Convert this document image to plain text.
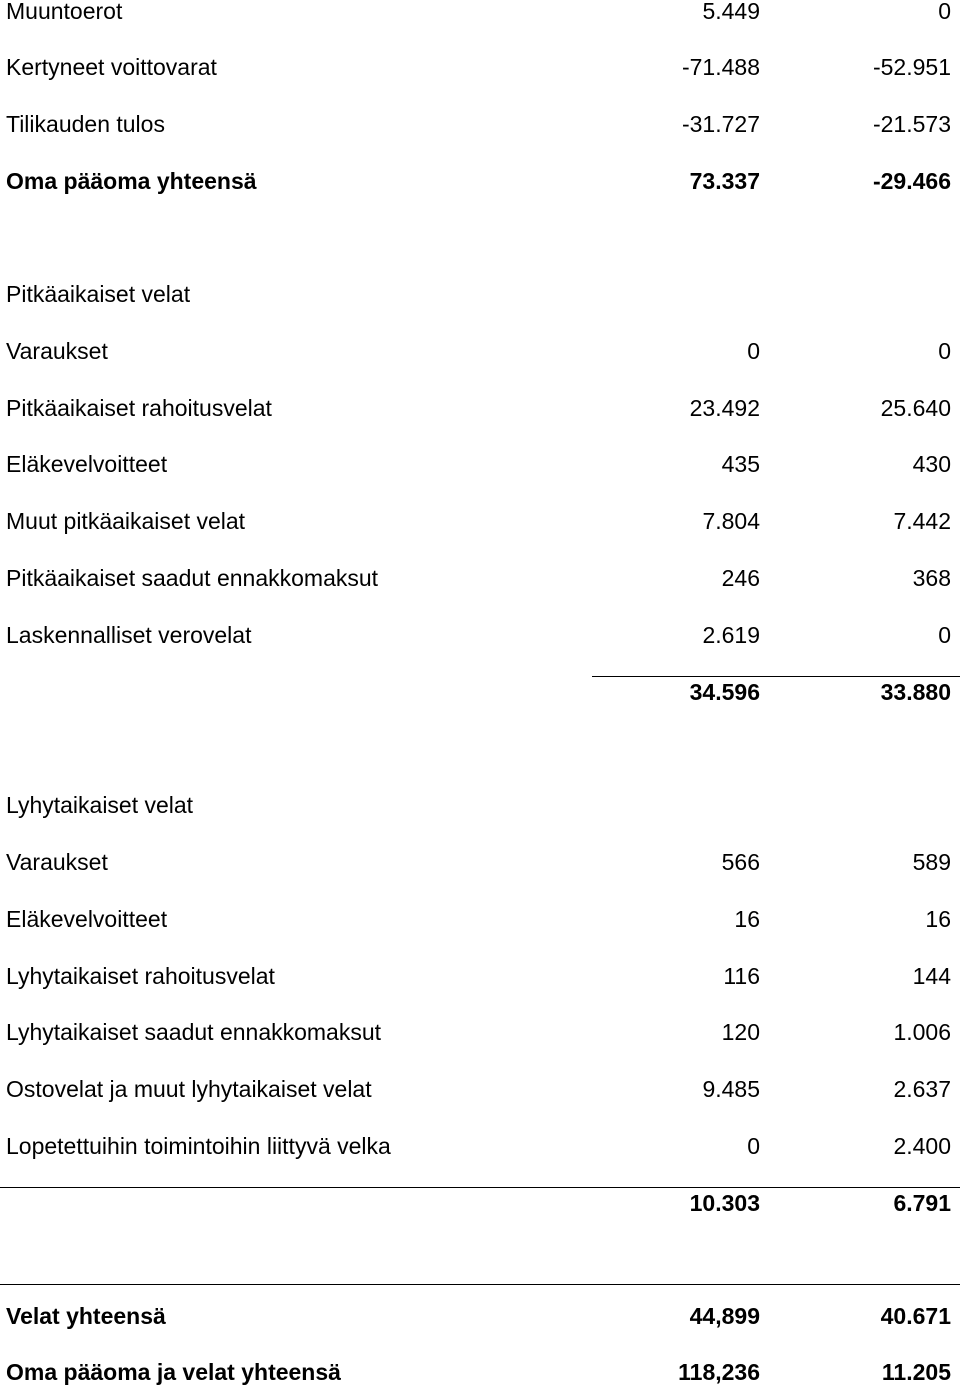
Muuntoerot	5.449	0
Kertyneet voittovarat	-71.488	-52.951
Tilikauden tulos	-31.727	-21.573
Oma pääoma yhteensä	73.337	-29.466
Pitkäaikaiset velat
Varaukset	0	0
Pitkäaikaiset rahoitusvelat	23.492	25.640
Eläkevelvoitteet	435	430
Muut pitkäaikaiset velat	7.804	7.442
Pitkäaikaiset saadut ennakkomaksut	246	368
Laskennalliset verovelat	2.619	0
34.596	33.880
Lyhytaikaiset velat
Varaukset	566	589
Eläkevelvoitteet	16	16
Lyhytaikaiset rahoitusvelat	116	144
Lyhytaikaiset saadut ennakkomaksut	120	1.006
Ostovelat ja muut lyhytaikaiset velat	9.485	2.637
Lopetettuihin toimintoihin liittyvä velka	0	2.400
10.303	6.791
Velat yhteensä	44,899	40.671
Oma pääoma ja velat yhteensä	118,236	11.205
